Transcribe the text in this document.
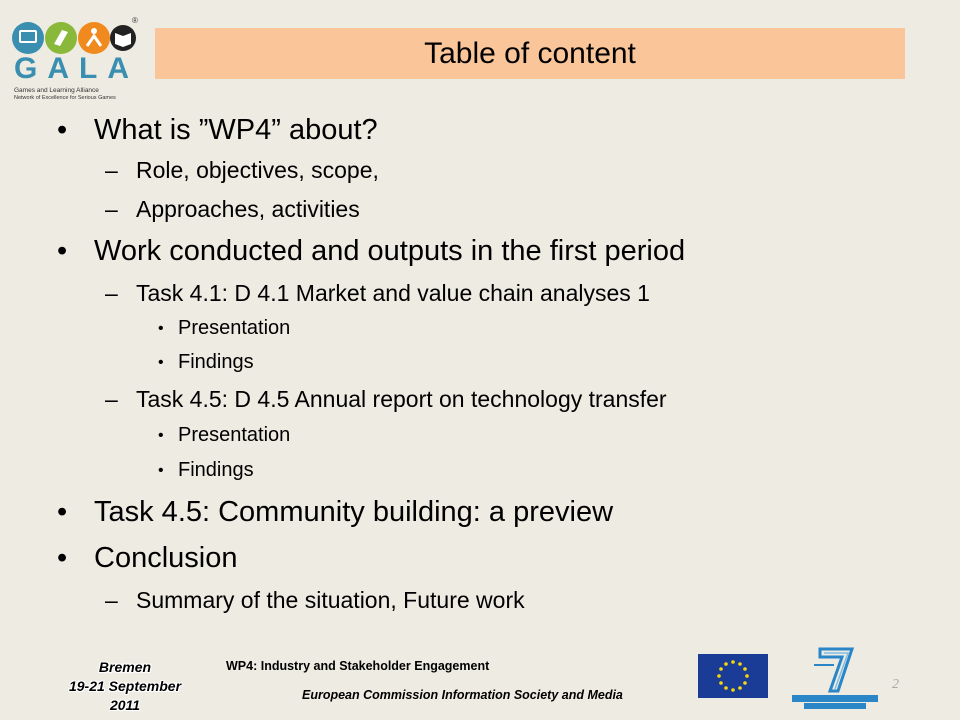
®
GALA
Games and Learning Alliance
Network of Excellence for Serious Games
Table of content
• What is ”WP4” about?
– Role, objectives, scope,
– Approaches, activities
• Work conducted and outputs in the first period
– Task 4.1: D 4.1 Market and value chain analyses 1
• Presentation
• Findings
– Task 4.5: D 4.5 Annual report on technology transfer
• Presentation
• Findings
• Task 4.5: Community building: a preview
• Conclusion
– Summary of the situation, Future work
Bremen
19-21 September
2011
WP4: Industry and Stakeholder Engagement
European Commission Information Society and Media
2
